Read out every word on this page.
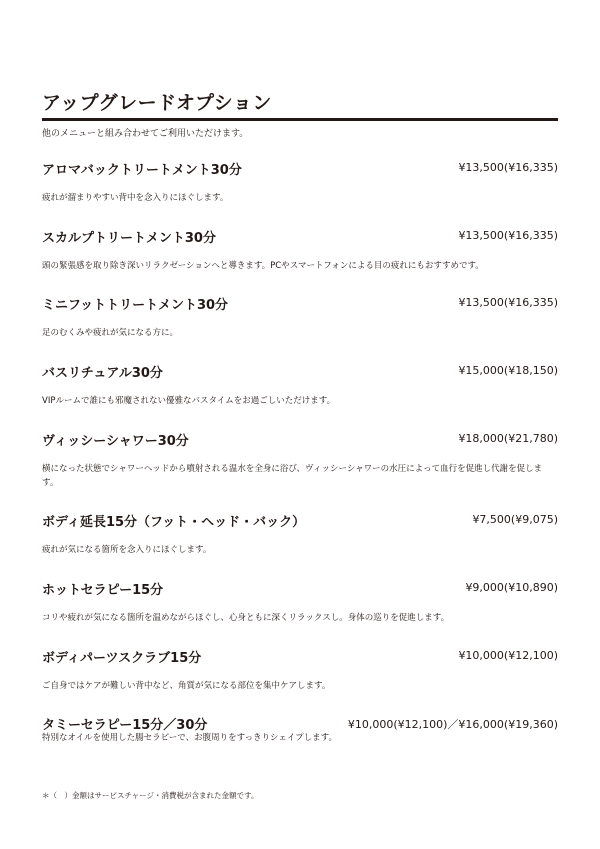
アップグレードオプション
他のメニューと組み合わせてご利用いただけます。
アロマバックトリートメント30分	¥13,500(¥16,335)
疲れが溜まりやすい背中を念入りにほぐします。
スカルプトリートメント30分	¥13,500(¥16,335)
頭の緊張感を取り除き深いリラクゼーションへと導きます。PCやスマートフォンによる目の疲れにもおすすめです。
ミニフットトリートメント30分	¥13,500(¥16,335)
足のむくみや疲れが気になる方に。
バスリチュアル30分	¥15,000(¥18,150)
VIPルームで誰にも邪魔されない優雅なバスタイムをお過ごしいただけます。
ヴィッシーシャワー30分	¥18,000(¥21,780)
横になった状態でシャワーヘッドから噴射される温水を全身に浴び、ヴィッシーシャワーの水圧によって血行を促進し代謝を促します。
ボディ延長15分（フット・ヘッド・バック）	¥7,500(¥9,075)
疲れが気になる箇所を念入りにほぐします。
ホットセラピー15分	¥9,000(¥10,890)
コリや疲れが気になる箇所を温めながらほぐし、心身ともに深くリラックスし。身体の巡りを促進します。
ボディパーツスクラブ15分	¥10,000(¥12,100)
ご自身ではケアが難しい背中など、角質が気になる部位を集中ケアします。
タミーセラピー15分／30分	¥10,000(¥12,100)／¥16,000(¥19,360)
特別なオイルを使用した腸セラピーで、お腹周りをすっきりシェイプします。
＊（　）金額はサービスチャージ・消費税が含まれた金額です。
